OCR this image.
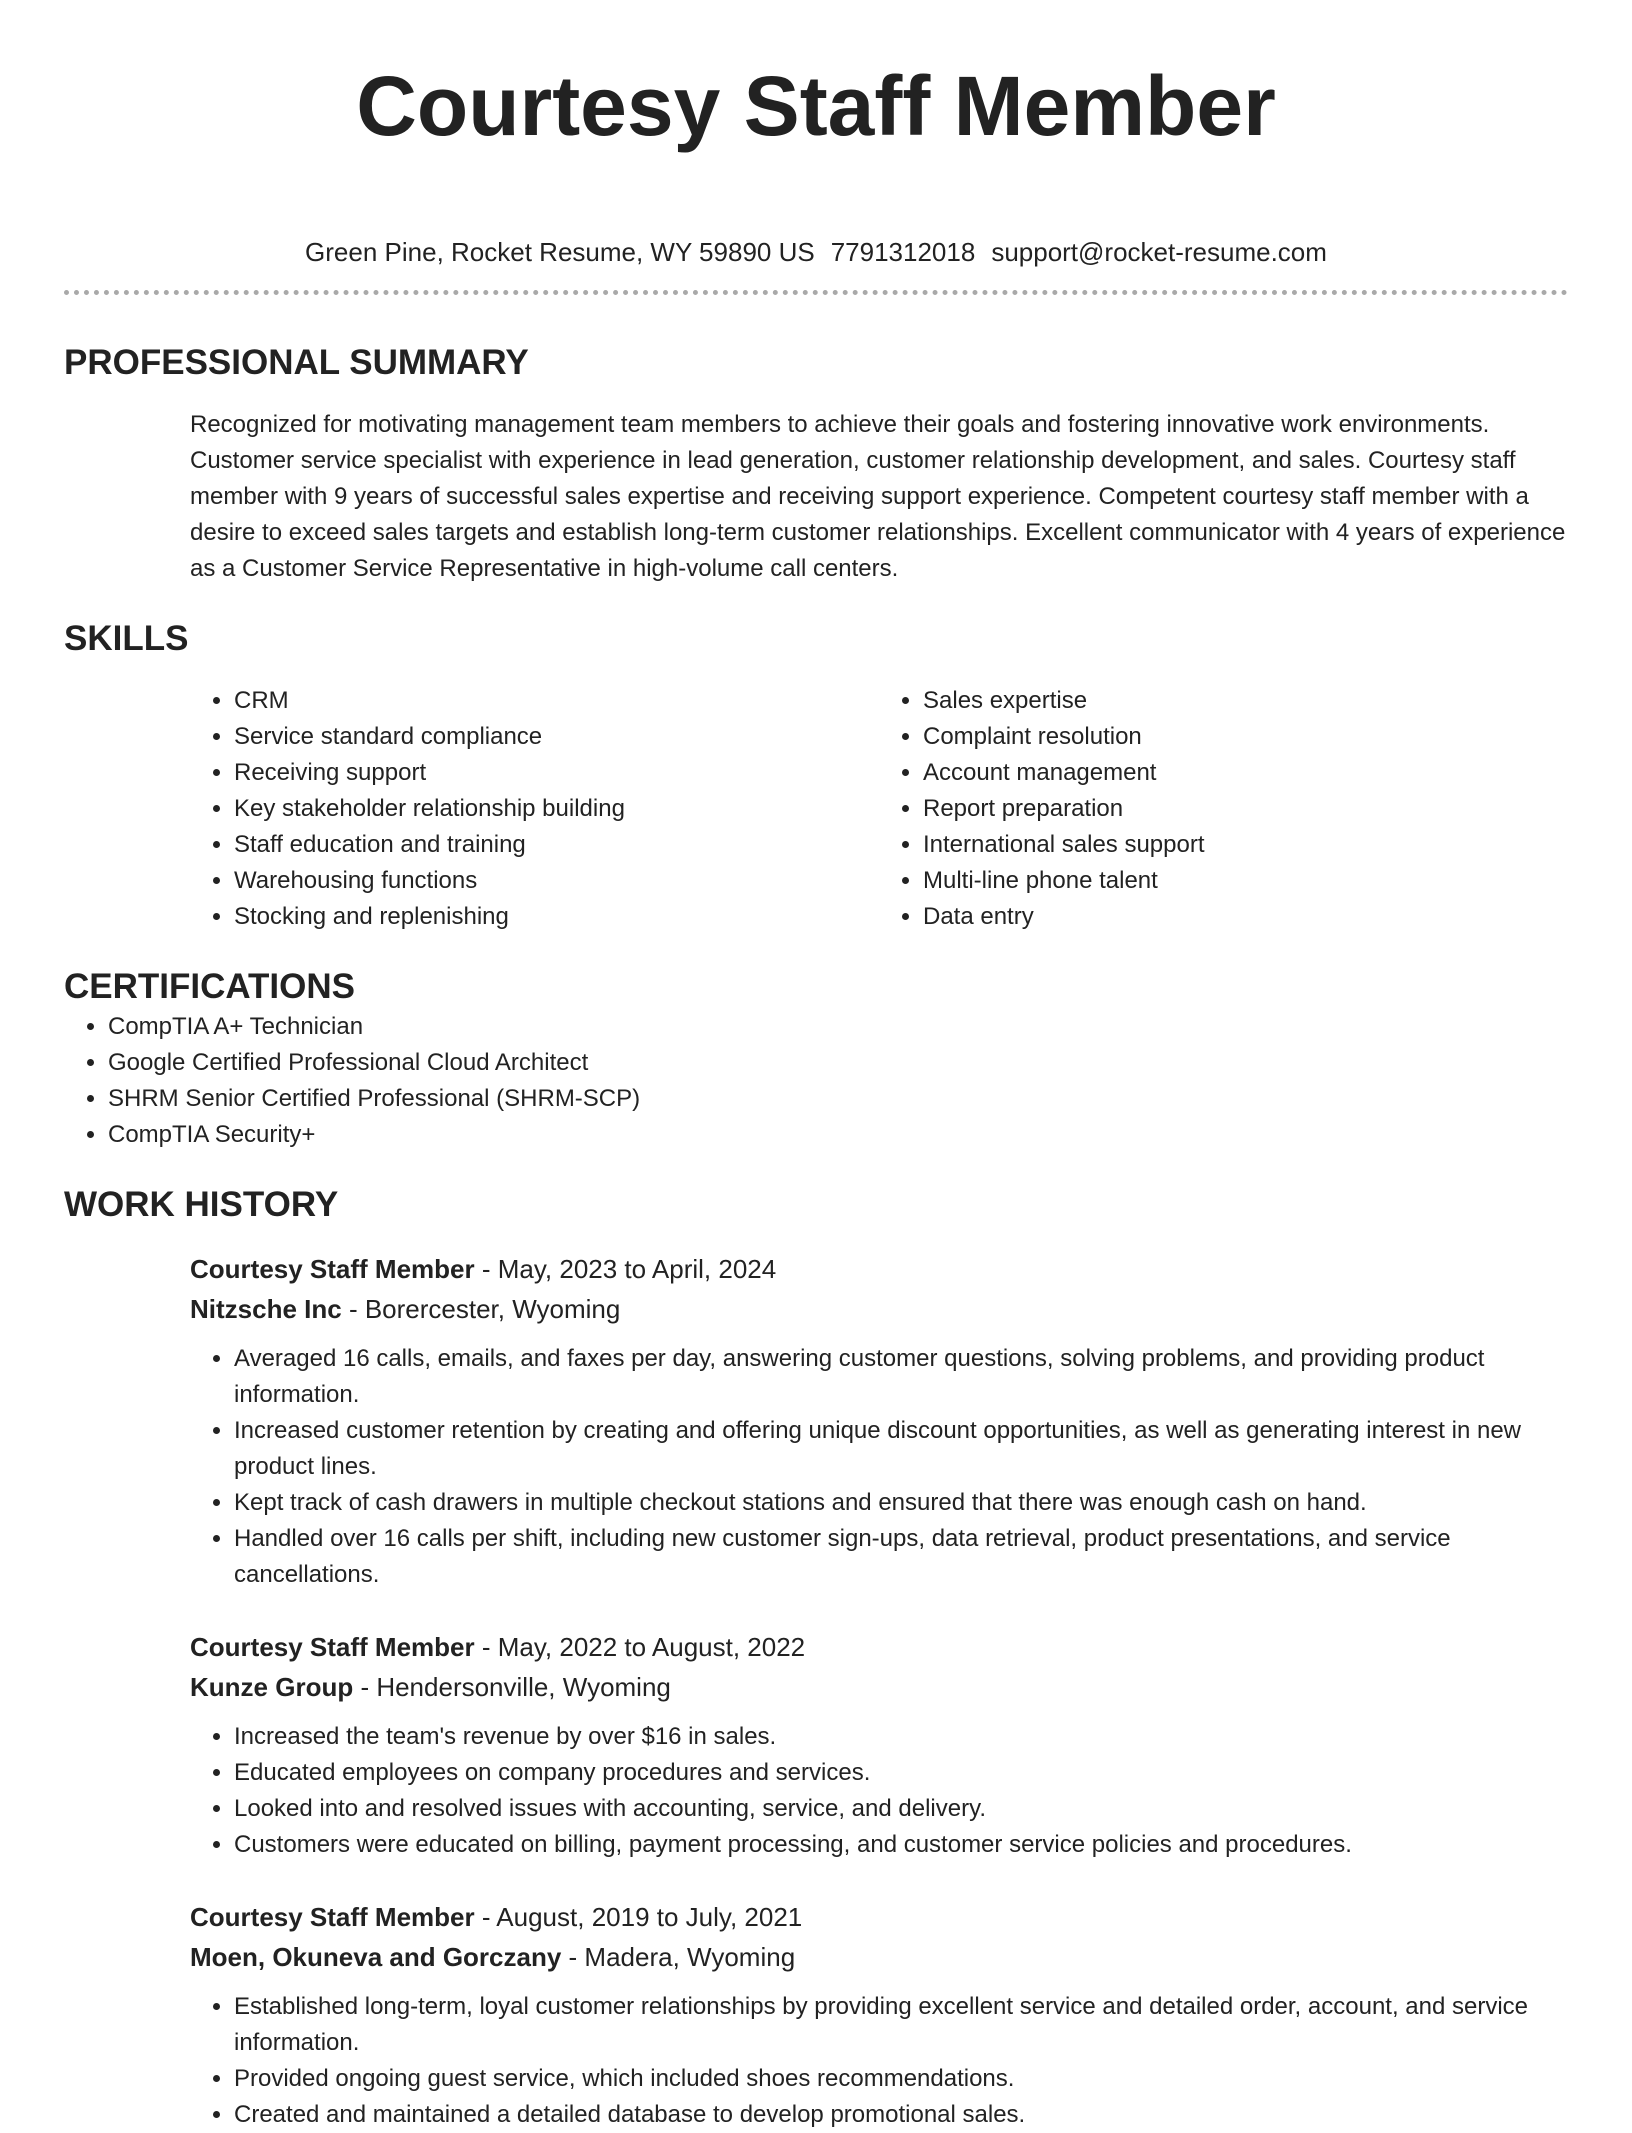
Courtesy Staff Member
Green Pine, Rocket Resume, WY 59890 US 7791312018 support@rocket-resume.com
PROFESSIONAL SUMMARY

Recognized for motivating management team members to achieve their goals and fostering innovative work environments. Customer service specialist with experience in lead generation, customer relationship development, and sales. Courtesy staff member with 9 years of successful sales expertise and receiving support experience. Competent courtesy staff member with a desire to exceed sales targets and establish long-term customer relationships. Excellent communicator with 4 years of experience as a Customer Service Representative in high-volume call centers.

SKILLS
• CRM
• Service standard compliance
• Receiving support
• Key stakeholder relationship building
• Staff education and training
• Warehousing functions
• Stocking and replenishing
• Sales expertise
• Complaint resolution
• Account management
• Report preparation
• International sales support
• Multi-line phone talent
• Data entry
CERTIFICATIONS
• CompTIA A+ Technician
• Google Certified Professional Cloud Architect
• SHRM Senior Certified Professional (SHRM-SCP)
• CompTIA Security+
WORK HISTORY
Courtesy Staff Member - May, 2023 to April, 2024
Nitzsche Inc - Borercester, Wyoming
• Averaged 16 calls, emails, and faxes per day, answering customer questions, solving problems, and providing product information.
• Increased customer retention by creating and offering unique discount opportunities, as well as generating interest in new product lines.
• Kept track of cash drawers in multiple checkout stations and ensured that there was enough cash on hand.
• Handled over 16 calls per shift, including new customer sign-ups, data retrieval, product presentations, and service cancellations.
Courtesy Staff Member - May, 2022 to August, 2022
Kunze Group - Hendersonville, Wyoming
• Increased the team's revenue by over $16 in sales.
• Educated employees on company procedures and services.
• Looked into and resolved issues with accounting, service, and delivery.
• Customers were educated on billing, payment processing, and customer service policies and procedures.
Courtesy Staff Member - August, 2019 to July, 2021
Moen, Okuneva and Gorczany - Madera, Wyoming
• Established long-term, loyal customer relationships by providing excellent service and detailed order, account, and service information.
• Provided ongoing guest service, which included shoes recommendations.
• Created and maintained a detailed database to develop promotional sales.
